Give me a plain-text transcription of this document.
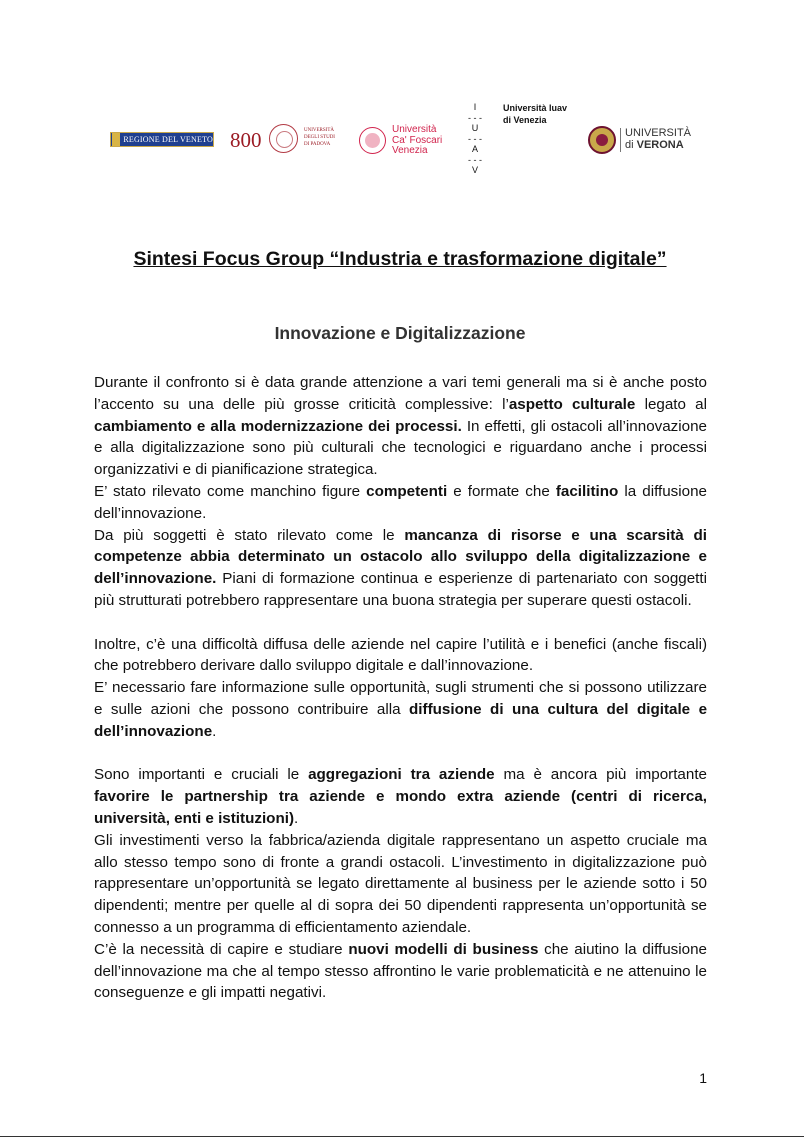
REGIONE DEL VENETO 800	UNIVERSITÀ
DEGLI STUDI
DI PADOVA
Università
Ca' Foscari
Venezia
I
- - -
U
- - -
A
- - -
V
Università Iuav
di Venezia
UNIVERSITÀ
di VERONA
Sintesi Focus Group “Industria e trasformazione digitale”
Innovazione e Digitalizzazione

Durante il confronto si è data grande attenzione a vari temi generali ma si è anche posto l’accento su una delle più grosse criticità complessive: l’aspetto culturale legato al cambiamento e alla modernizzazione dei processi. In effetti, gli ostacoli all’innovazione e alla digitalizzazione sono più culturali che tecnologici e riguardano anche i processi organizzativi e di pianificazione strategica.

E’ stato rilevato come manchino figure competenti e formate che facilitino la diffusione dell’innovazione.

Da più soggetti è stato rilevato come le mancanza di risorse e una scarsità di competenze abbia determinato un ostacolo allo sviluppo della digitalizzazione e dell’innovazione. Piani di formazione continua e esperienze di partenariato con soggetti più strutturati potrebbero rappresentare una buona strategia per superare questi ostacoli.

Inoltre, c’è una difficoltà diffusa delle aziende nel capire l’utilità e i benefici (anche fiscali) che potrebbero derivare dallo sviluppo digitale e dall’innovazione.

E’ necessario fare informazione sulle opportunità, sugli strumenti che si possono utilizzare e sulle azioni che possono contribuire alla diffusione di una cultura del digitale e dell’innovazione.

Sono importanti e cruciali le aggregazioni tra aziende ma è ancora più importante favorire le partnership tra aziende e mondo extra aziende (centri di ricerca, università, enti e istituzioni).

Gli investimenti verso la fabbrica/azienda digitale rappresentano un aspetto cruciale ma allo stesso tempo sono di fronte a grandi ostacoli. L’investimento in digitalizzazione può rappresentare un’opportunità se legato direttamente al business per le aziende sotto i 50 dipendenti; mentre per quelle al di sopra dei 50 dipendenti rappresenta un’opportunità se connesso a un programma di efficientamento aziendale.

C’è la necessità di capire e studiare nuovi modelli di business che aiutino la diffusione dell’innovazione ma che al tempo stesso affrontino le varie problematicità e ne attenuino le conseguenze e gli impatti negativi.

1
